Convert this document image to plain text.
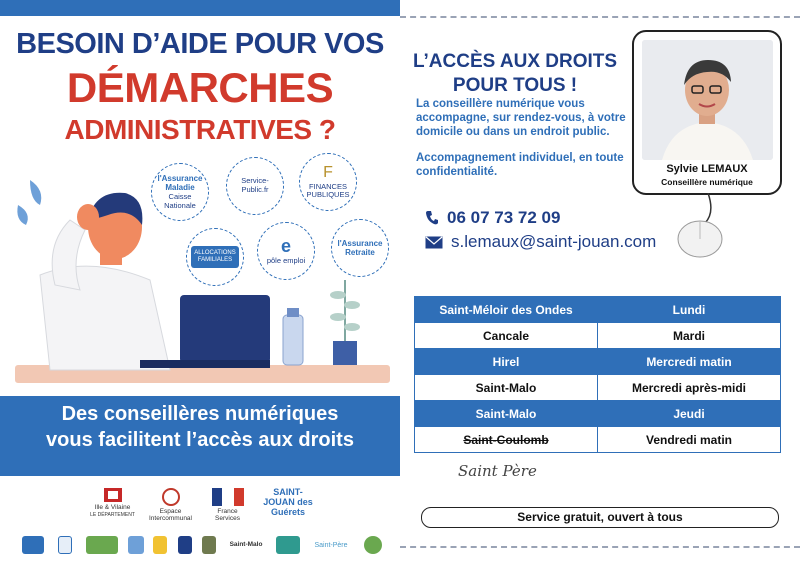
BESOIN D’AIDE POUR VOS
DÉMARCHES
ADMINISTRATIVES ?
l'Assurance Maladie
Caisse Nationale
Service-Public.fr
F
FINANCES PUBLIQUES
ALLOCATIONS FAMILIALES
e
pôle emploi
l'Assurance Retraite
Des conseillères numériques
vous facilitent l’accès aux droits
Ille & Vilaine
LE DÉPARTEMENT
Espace Intercommunal
France Services
SAINT-JOUAN des Guérets
Saint-Malo	Saint-Père
L’ACCÈS AUX DROITS
POUR TOUS !
La conseillère numérique vous accompagne, sur rendez-vous, à votre domicile ou dans un endroit public.
Accompagnement individuel, en toute confidentialité.	Sylvie LEMAUX
Conseillère numérique
06 07 73 72 09
s.lemaux@saint-jouan.com
Saint-Méloir des Ondes	Lundi
Cancale	Mardi
Hirel	Mercredi matin
Saint-Malo	Mercredi après-midi
Saint-Malo	Jeudi
Saint-Coulomb	Vendredi matin
Saint Père
Service gratuit, ouvert à tous
